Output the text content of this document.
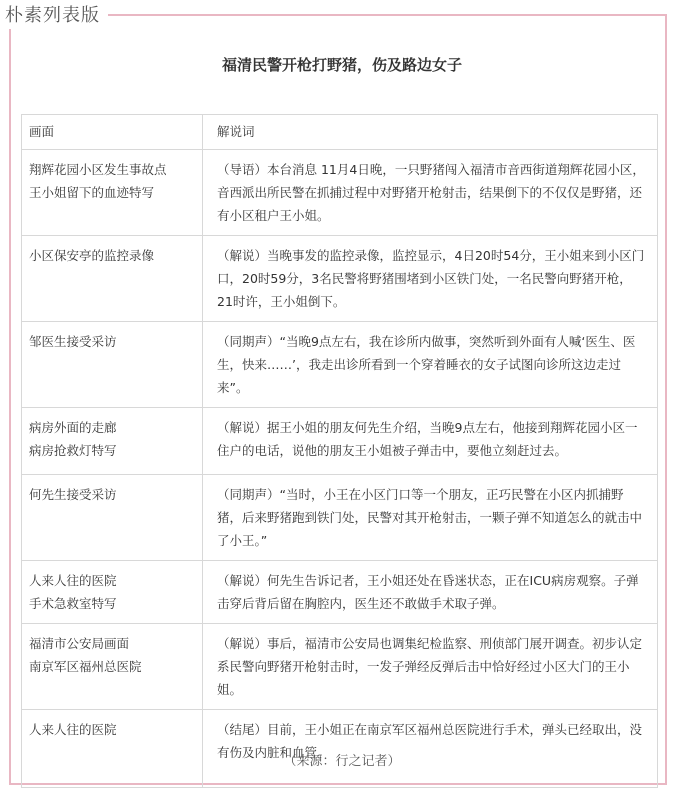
朴素列表版
福清民警开枪打野猪，伤及路边女子
画面	解说词

翔辉花园小区发生事故点
王小姐留下的血迹特写	（导语）本台消息 11月4日晚，一只野猪闯入福清市音西街道翔辉花园小区，音西派出所民警在抓捕过程中对野猪开枪射击，结果倒下的不仅仅是野猪，还有小区租户王小姐。

小区保安亭的监控录像	（解说）当晚事发的监控录像，监控显示，4日20时54分，王小姐来到小区门口，20时59分，3名民警将野猪围堵到小区铁门处，一名民警向野猪开枪，21时许，王小姐倒下。

邹医生接受采访	（同期声）“当晚9点左右，我在诊所内做事，突然听到外面有人喊‘医生、医生，快来……’，我走出诊所看到一个穿着睡衣的女子试图向诊所这边走过来”。

病房外面的走廊
病房抢救灯特写	（解说）据王小姐的朋友何先生介绍，当晚9点左右，他接到翔辉花园小区一住户的电话，说他的朋友王小姐被子弹击中，要他立刻赶过去。

何先生接受采访	（同期声）“当时，小王在小区门口等一个朋友，正巧民警在小区内抓捕野猪，后来野猪跑到铁门处，民警对其开枪射击，一颗子弹不知道怎么的就击中了小王。”

人来人往的医院
手术急救室特写	（解说）何先生告诉记者，王小姐还处在昏迷状态，正在ICU病房观察。子弹击穿后背后留在胸腔内，医生还不敢做手术取子弹。

福清市公安局画面
南京军区福州总医院	（解说）事后，福清市公安局也调集纪检监察、刑侦部门展开调查。初步认定系民警向野猪开枪射击时，一发子弹经反弹后击中恰好经过小区大门的王小姐。

人来人往的医院	（结尾）目前，王小姐正在南京军区福州总医院进行手术，弹头已经取出，没有伤及内脏和血管。
（来源：行之记者）
